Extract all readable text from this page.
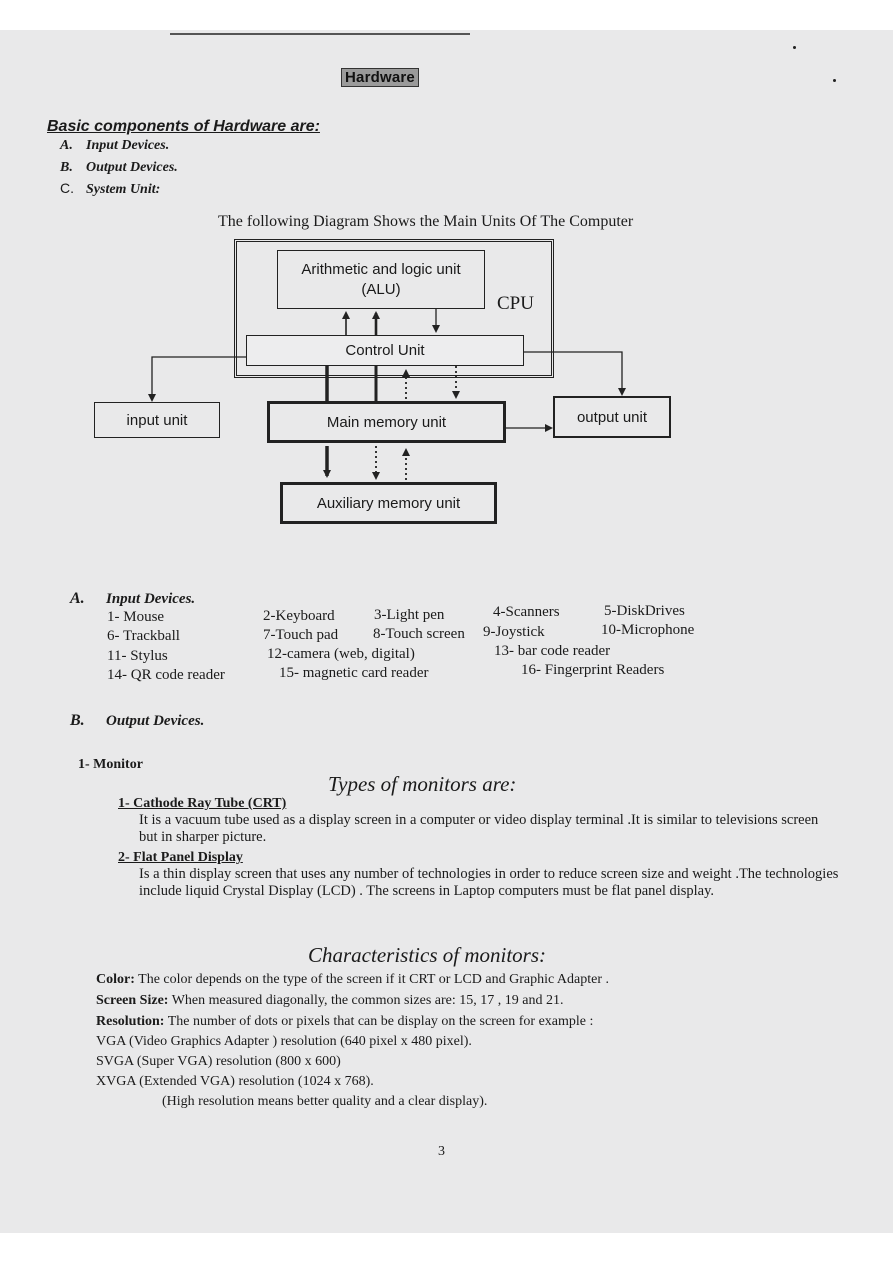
Hardware
Basic components of Hardware are:
A. Input Devices.
B. Output Devices.
C. System Unit:
The following Diagram Shows the Main Units Of The Computer
CPU
Arithmetic and logic unit (ALU)
Control Unit
input unit	Main memory unit	output unit
Auxiliary memory unit
A. Input Devices.
1- Mouse	2-Keyboard	3-Light pen	4-Scanners	5-DiskDrives
6- Trackball	7-Touch pad 8-Touch screen 9-Joystick	10-Microphone
11- Stylus	12-camera (web, digital)	13- bar code reader
14- QR code reader	15- magnetic card reader	16- Fingerprint Readers
B. Output Devices.
1- Monitor
Types of monitors are:
1- Cathode Ray Tube (CRT)
It is a vacuum tube used as a display screen in a computer or video display terminal .It is similar to televisions screen but in sharper picture.
2- Flat Panel Display
Is a thin display screen that uses any number of technologies in order to reduce screen size and weight .The technologies include liquid Crystal Display (LCD) . The screens in Laptop computers must be flat panel display.
Characteristics of monitors:
Color: The color depends on the type of the screen if it CRT or LCD and Graphic Adapter .
Screen Size: When measured diagonally, the common sizes are: 15, 17 , 19 and 21.
Resolution: The number of dots or pixels that can be display on the screen for example :
VGA (Video Graphics Adapter ) resolution (640 pixel x 480 pixel).
SVGA (Super VGA) resolution (800 x 600)
XVGA (Extended VGA) resolution (1024 x 768).
(High resolution means better quality and a clear display).
3
